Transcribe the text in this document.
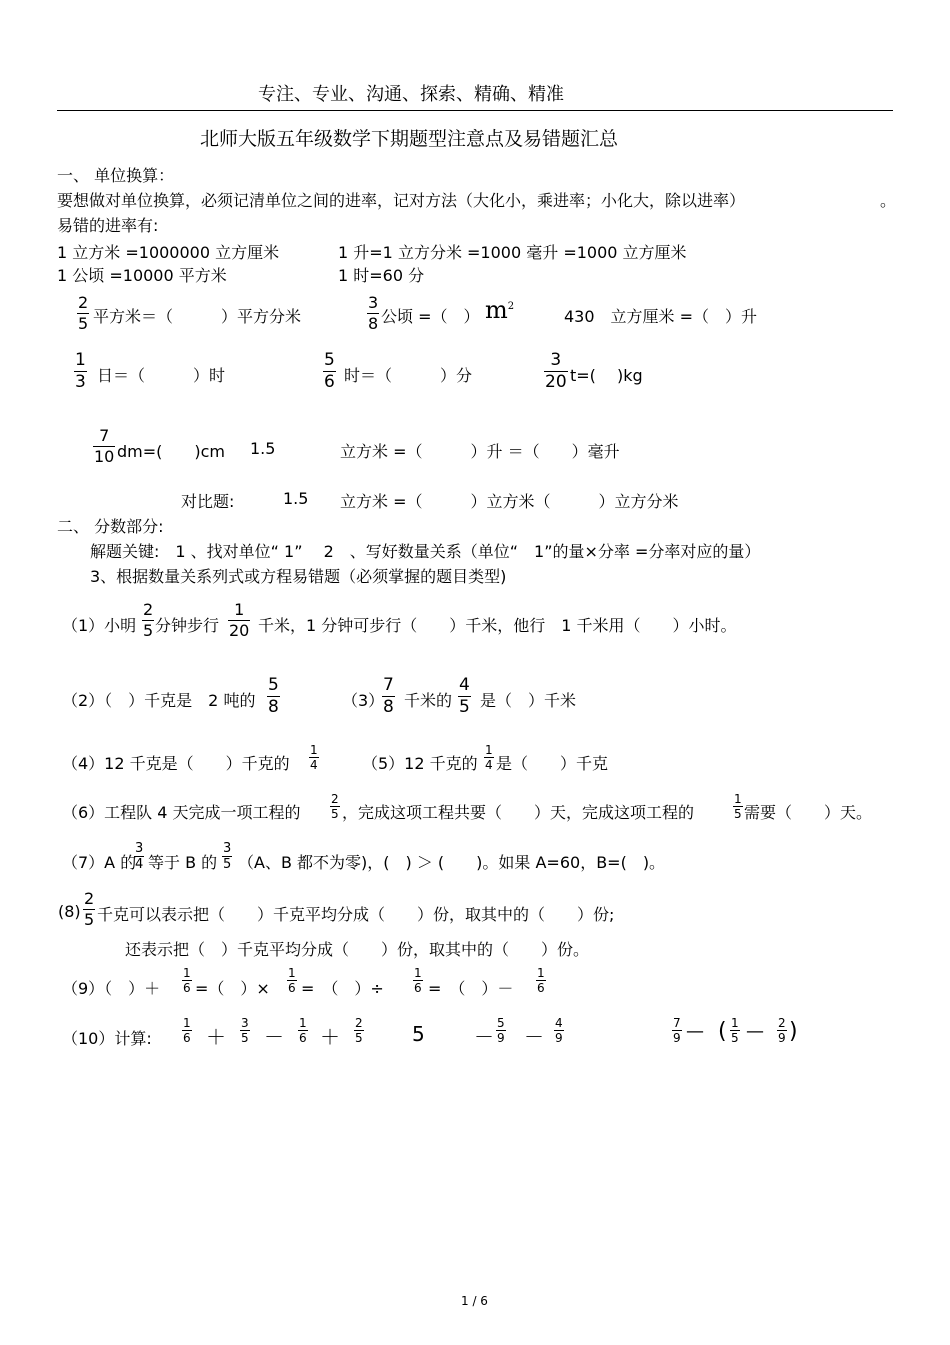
专注、专业、沟通、探索、精确、精准
北师大版五年级数学下期题型注意点及易错题汇总
一、 单位换算：
要想做对单位换算，必须记清单位之间的进率，记对方法（大化小，乘进率；小化大，除以进率）	。
易错的进率有:
1 立方米 =1000000 立方厘米	1 升=1 立方分米 =1000 毫升 =1000 立方厘米
1 公顷 =10000 平方米	1 时=60 分
$\frac{2}{5}$ 平方米＝（　　　）平方分米	$\frac{3}{8}$ 公顷 =（　） $m^2$
430　立方厘米 =（　）升
$\frac{1}{3}$ 日＝（　　　）时	$\frac{5}{6}$ 时＝（　　　）分	$\frac{3}{20} t=$(　 )kg
$\frac{7}{10} dm=$(　　)cm 1.5	立方米 =（　　　）升 ＝（　　）毫升
对比题:	1.5 立方米 =（　　　）立方米（　　　）立方分米
二、 分数部分:
解题关键:　1 、找对单位“ 1”　 2　、写好数量关系（单位“　1”的量×分率 =分率对应的量）
3、根据数量关系列式或方程易错题（必须掌握的题目类型)
（1）小明 $\frac{2}{5}$ 分钟步行 $\frac{1}{20}$ 千米，1 分钟可步行（　　）千米，他行　1 千米用（　　）小时。
（2）（　）千克是　2 吨的 $\frac{5}{8}$	（3）
$\frac{7}{8}$ 千米的 $\frac{4}{5}$ 是（　）千米
（4）12 千克是（　　）千克的 $\frac{1}{4}$	（5）12 千克的 $\frac{1}{4}$ 是（　　）千克
（6）工程队 4 天完成一项工程的 $\frac{2}{5}$ ，完成这项工程共要（　　）天，完成这项工程的	$\frac{1}{5}$ 需要（　　）天。
（7）A 的
$\frac{3}{4}$ 等于 B 的 $\frac{3}{5} (A$、B 都不为零)，(　) ＞ (　　)。如果 A=60，B=(　)。
$(8) \frac{2}{5}$ 千克可以表示把（　　）千克平均分成（　　）份，取其中的（　　）份;
还表示把（　）千克平均分成（　　）份，取其中的（　　）份。
（9）（　）＋ $\frac{1}{6}$ =（　）× $\frac{1}{6}$ =　（　）÷ $\frac{1}{6}$ =　（　）－ $\frac{1}{6}$
（10）计算:	$\frac{1}{6} + \frac{3}{5} - \frac{1}{6} + \frac{2}{5} 5 - \frac{5}{9} - \frac{4}{9}$	$\frac{7}{9}$ — ( $\frac{1}{5}$ — $\frac{2}{9}$ )
1 / 6
